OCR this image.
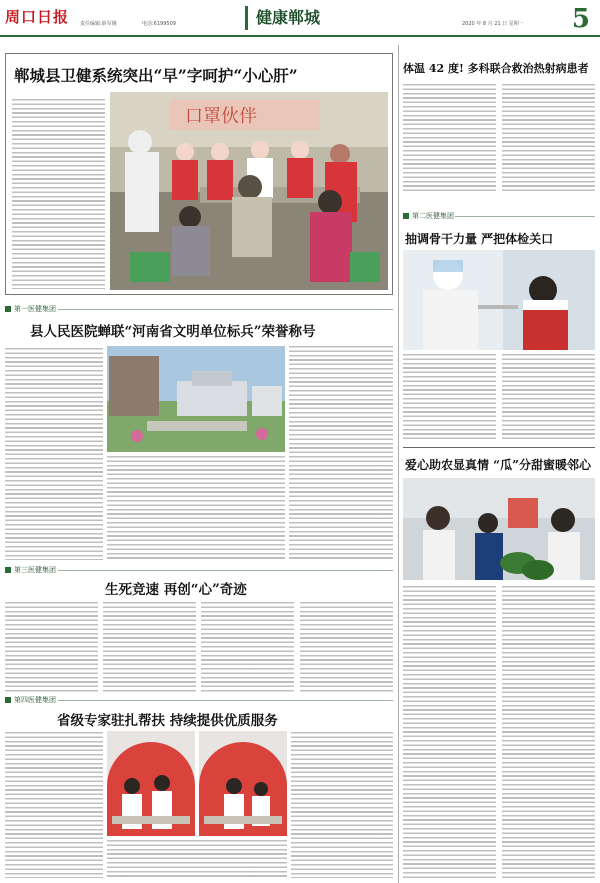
周口日报 责任编辑:薛军娥	电话:6199509	健康郸城	2020 年 8 月 21 日 星期一 5
郸城县卫健系统突出“早”字呵护“小心肝”
口罩伙伴
体温 42 度! 多科联合救治热射病患者
第二医健集团
抽调骨干力量 严把体检关口
爱心助农显真情 “瓜”分甜蜜暖邻心
第一医健集团
县人民医院蝉联“河南省文明单位标兵”荣誉称号
第三医健集团
生死竞速 再创“心”奇迹
第四医健集团
省级专家驻扎帮扶 持续提供优质服务
